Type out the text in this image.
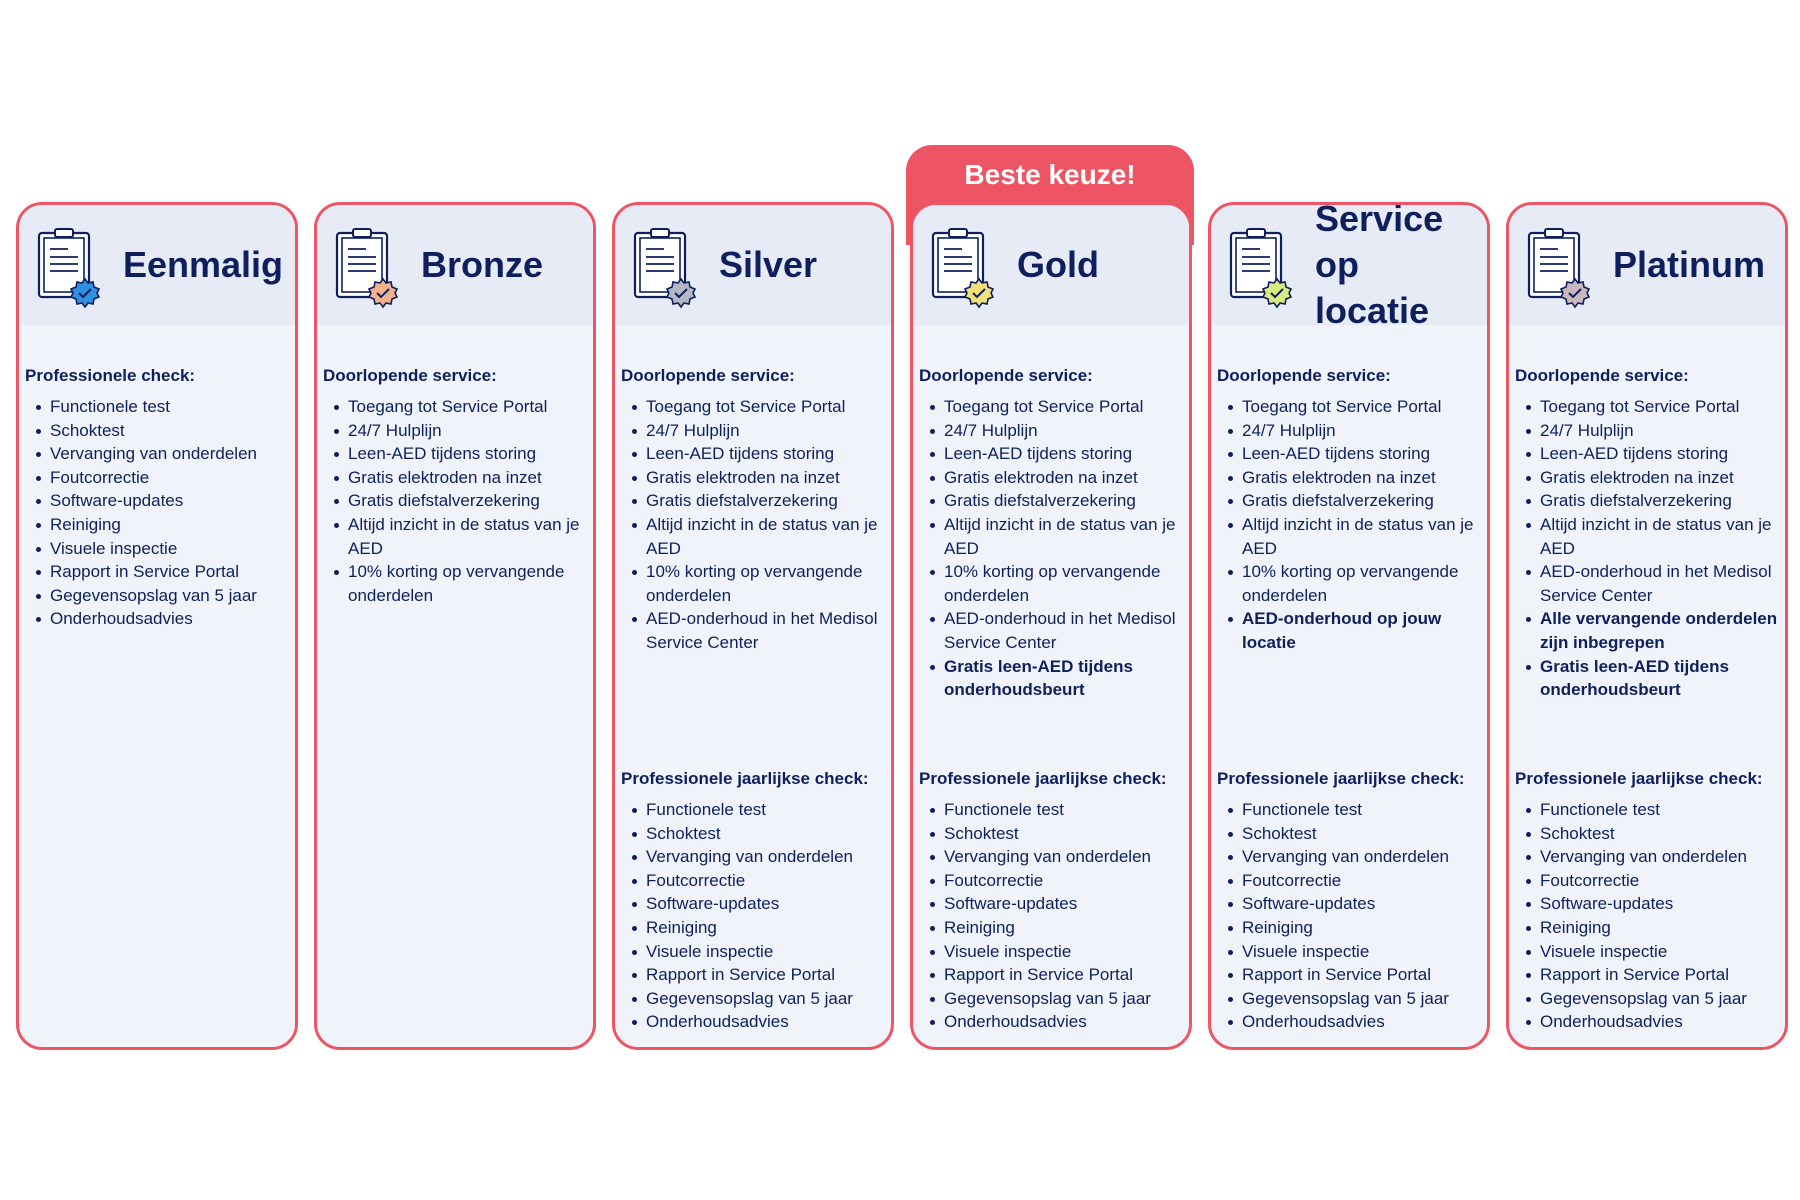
Beste keuze!
Eenmalig
Professionele check:
Functionele test
Schoktest
Vervanging van onderdelen
Foutcorrectie
Software-updates
Reiniging
Visuele inspectie
Rapport in Service Portal
Gegevensopslag van 5 jaar
Onderhoudsadvies
Bronze
Doorlopende service:
Toegang tot Service Portal
24/7 Hulplijn
Leen-AED tijdens storing
Gratis elektroden na inzet
Gratis diefstalverzekering
Altijd inzicht in de status van je AED
10% korting op vervangende onderdelen
Silver
Doorlopende service:
Toegang tot Service Portal
24/7 Hulplijn
Leen-AED tijdens storing
Gratis elektroden na inzet
Gratis diefstalverzekering
Altijd inzicht in de status van je AED
10% korting op vervangende onderdelen
AED-onderhoud in het Medisol Service Center
Professionele jaarlijkse check:
Functionele test
Schoktest
Vervanging van onderdelen
Foutcorrectie
Software-updates
Reiniging
Visuele inspectie
Rapport in Service Portal
Gegevensopslag van 5 jaar
Onderhoudsadvies
Gold
Doorlopende service:
Toegang tot Service Portal
24/7 Hulplijn
Leen-AED tijdens storing
Gratis elektroden na inzet
Gratis diefstalverzekering
Altijd inzicht in de status van je AED
10% korting op vervangende onderdelen
AED-onderhoud in het Medisol Service Center
Gratis leen-AED tijdens onderhoudsbeurt
Professionele jaarlijkse check:
Functionele test
Schoktest
Vervanging van onderdelen
Foutcorrectie
Software-updates
Reiniging
Visuele inspectie
Rapport in Service Portal
Gegevensopslag van 5 jaar
Onderhoudsadvies
Service
op locatie
Doorlopende service:
Toegang tot Service Portal
24/7 Hulplijn
Leen-AED tijdens storing
Gratis elektroden na inzet
Gratis diefstalverzekering
Altijd inzicht in de status van je AED
10% korting op vervangende onderdelen
AED-onderhoud op jouw locatie
Professionele jaarlijkse check:
Functionele test
Schoktest
Vervanging van onderdelen
Foutcorrectie
Software-updates
Reiniging
Visuele inspectie
Rapport in Service Portal
Gegevensopslag van 5 jaar
Onderhoudsadvies
Platinum
Doorlopende service:
Toegang tot Service Portal
24/7 Hulplijn
Leen-AED tijdens storing
Gratis elektroden na inzet
Gratis diefstalverzekering
Altijd inzicht in de status van je AED
AED-onderhoud in het Medisol Service Center
Alle vervangende onderdelen zijn inbegrepen
Gratis leen-AED tijdens onderhoudsbeurt
Professionele jaarlijkse check:
Functionele test
Schoktest
Vervanging van onderdelen
Foutcorrectie
Software-updates
Reiniging
Visuele inspectie
Rapport in Service Portal
Gegevensopslag van 5 jaar
Onderhoudsadvies
